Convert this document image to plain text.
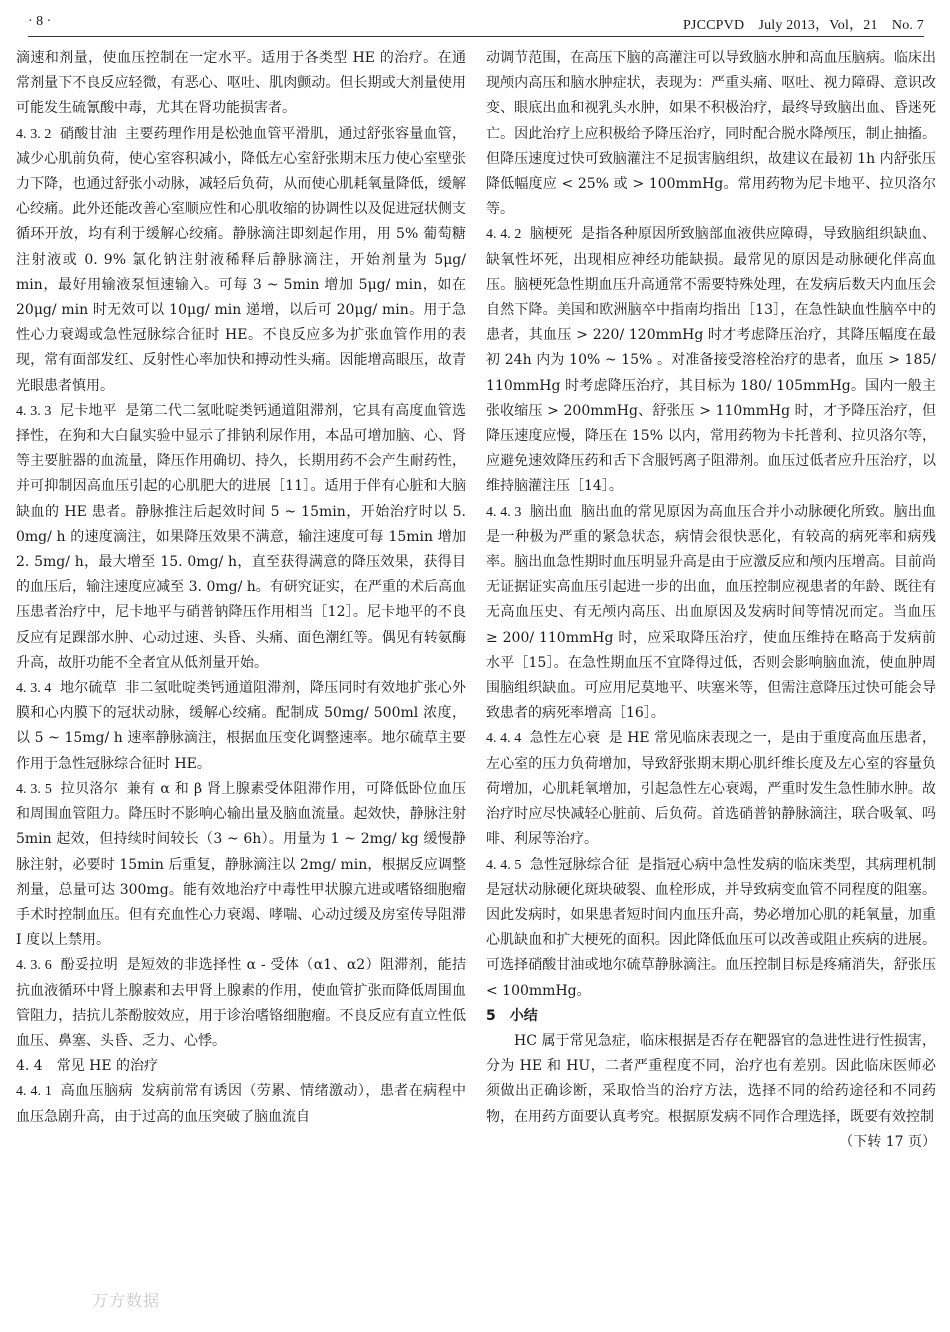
· 8 ·	PJCCPVD　July 2013，Vol，21　No. 7

滴速和剂量，使血压控制在一定水平。适用于各类型 HE 的治疗。在通常剂量下不良反应轻微，有恶心、呕吐、肌肉颤动。但长期或大剂量使用可能发生硫氰酸中毒，尤其在肾功能损害者。

4. 3. 2 硝酸甘油 主要药理作用是松弛血管平滑肌，通过舒张容量血管，减少心肌前负荷，使心室容积减小，降低左心室舒张期末压力使心室壁张力下降，也通过舒张小动脉，减轻后负荷，从而使心肌耗氧量降低，缓解心绞痛。此外还能改善心室顺应性和心肌收缩的协调性以及促进冠状侧支循环开放，均有利于缓解心绞痛。静脉滴注即刻起作用，用 5% 葡萄糖注射液或 0. 9% 氯化钠注射液稀释后静脉滴注，开始剂量为 5μg/ min，最好用输液泵恒速输入。可每 3 ~ 5min 增加 5μg/ min，如在 20μg/ min 时无效可以 10μg/ min 递增，以后可 20μg/ min。用于急性心力衰竭或急性冠脉综合征时 HE。不良反应多为扩张血管作用的表现，常有面部发红、反射性心率加快和搏动性头痛。因能增高眼压，故青光眼患者慎用。

4. 3. 3 尼卡地平 是第二代二氢吡啶类钙通道阻滞剂，它具有高度血管选择性，在狗和大白鼠实验中显示了排钠利尿作用，本品可增加脑、心、肾等主要脏器的血流量，降压作用确切、持久，长期用药不会产生耐药性，并可抑制因高血压引起的心肌肥大的进展［11］。适用于伴有心脏和大脑缺血的 HE 患者。静脉推注后起效时间 5 ~ 15min，开始治疗时以 5. 0mg/ h 的速度滴注，如果降压效果不满意，输注速度可每 15min 增加 2. 5mg/ h，最大增至 15. 0mg/ h，直至获得满意的降压效果，获得目的血压后，输注速度应减至 3. 0mg/ h。有研究证实，在严重的术后高血压患者治疗中，尼卡地平与硝普钠降压作用相当［12］。尼卡地平的不良反应有足踝部水肿、心动过速、头昏、头痛、面色潮红等。偶见有转氨酶升高，故肝功能不全者宜从低剂量开始。

4. 3. 4 地尔硫草 非二氢吡啶类钙通道阻滞剂，降压同时有效地扩张心外膜和心内膜下的冠状动脉，缓解心绞痛。配制成 50mg/ 500ml 浓度，以 5 ~ 15mg/ h 速率静脉滴注，根据血压变化调整速率。地尔硫草主要作用于急性冠脉综合征时 HE。

4. 3. 5 拉贝洛尔 兼有 α 和 β 肾上腺素受体阻滞作用，可降低卧位血压和周围血管阻力。降压时不影响心输出量及脑血流量。起效快，静脉注射 5min 起效，但持续时间较长（3 ~ 6h）。用量为 1 ~ 2mg/ kg 缓慢静脉注射，必要时 15min 后重复，静脉滴注以 2mg/ min，根据反应调整剂量，总量可达 300mg。能有效地治疗中毒性甲状腺亢进或嗜铬细胞瘤手术时控制血压。但有充血性心力衰竭、哮喘、心动过缓及房室传导阻滞 Ⅰ 度以上禁用。

4. 3. 6 酚妥拉明 是短效的非选择性 α - 受体（α1、α2）阻滞剂，能拮抗血液循环中肾上腺素和去甲肾上腺素的作用，使血管扩张而降低周围血管阻力，拮抗儿茶酚胺效应，用于诊治嗜铬细胞瘤。不良反应有直立性低血压、鼻塞、头昏、乏力、心悸。

4. 4　常见 HE 的治疗

4. 4. 1 高血压脑病 发病前常有诱因（劳累、情绪激动），患者在病程中血压急剧升高，由于过高的血压突破了脑血流自

动调节范围，在高压下脑的高灌注可以导致脑水肿和高血压脑病。临床出现颅内高压和脑水肿症状，表现为：严重头痛、呕吐、视力障碍、意识改变、眼底出血和视乳头水肿，如果不积极治疗，最终导致脑出血、昏迷死亡。因此治疗上应积极给予降压治疗，同时配合脱水降颅压，制止抽搐。但降压速度过快可致脑灌注不足损害脑组织，故建议在最初 1h 内舒张压降低幅度应 < 25% 或 > 100mmHg。常用药物为尼卡地平、拉贝洛尔等。

4. 4. 2 脑梗死 是指各种原因所致脑部血液供应障碍，导致脑组织缺血、缺氧性坏死，出现相应神经功能缺损。最常见的原因是动脉硬化伴高血压。脑梗死急性期血压升高通常不需要特殊处理，在发病后数天内血压会自然下降。美国和欧洲脑卒中指南均指出［13］，在急性缺血性脑卒中的患者，其血压 > 220/ 120mmHg 时才考虑降压治疗，其降压幅度在最初 24h 内为 10% ~ 15% 。对准备接受溶栓治疗的患者，血压 > 185/ 110mmHg 时考虑降压治疗，其目标为 180/ 105mmHg。国内一般主张收缩压 > 200mmHg、舒张压 > 110mmHg 时，才予降压治疗，但降压速度应慢，降压在 15% 以内，常用药物为卡托普利、拉贝洛尔等，应避免速效降压药和舌下含服钙离子阻滞剂。血压过低者应升压治疗，以维持脑灌注压［14］。

4. 4. 3 脑出血 脑出血的常见原因为高血压合并小动脉硬化所致。脑出血是一种极为严重的紧急状态，病情会很快恶化，有较高的病死率和病残率。脑出血急性期时血压明显升高是由于应激反应和颅内压增高。目前尚无证据证实高血压引起进一步的出血，血压控制应视患者的年龄、既往有无高血压史、有无颅内高压、出血原因及发病时间等情况而定。当血压 ≥ 200/ 110mmHg 时，应采取降压治疗，使血压维持在略高于发病前水平［15］。在急性期血压不宜降得过低，否则会影响脑血流，使血肿周围脑组织缺血。可应用尼莫地平、呋塞米等，但需注意降压过快可能会导致患者的病死率增高［16］。

4. 4. 4 急性左心衰 是 HE 常见临床表现之一，是由于重度高血压患者，左心室的压力负荷增加，导致舒张期末期心肌纤维长度及左心室的容量负荷增加，心肌耗氧增加，引起急性左心衰竭，严重时发生急性肺水肿。故治疗时应尽快减轻心脏前、后负荷。首选硝普钠静脉滴注，联合吸氧、吗啡、利尿等治疗。

4. 4. 5 急性冠脉综合征 是指冠心病中急性发病的临床类型，其病理机制是冠状动脉硬化斑块破裂、血栓形成，并导致病变血管不同程度的阻塞。因此发病时，如果患者短时间内血压升高，势必增加心肌的耗氧量，加重心肌缺血和扩大梗死的面积。因此降低血压可以改善或阻止疾病的进展。可选择硝酸甘油或地尔硫草静脉滴注。血压控制目标是疼痛消失，舒张压 < 100mmHg。

5　小结

HC 属于常见急症，临床根据是否存在靶器官的急进性进行性损害，分为 HE 和 HU，二者严重程度不同，治疗也有差别。因此临床医师必须做出正确诊断，采取恰当的治疗方法，选择不同的给药途径和不同药物，在用药方面要认真考究。根据原发病不同作合理选择，既要有效控制
（下转 17 页）

万方数据
